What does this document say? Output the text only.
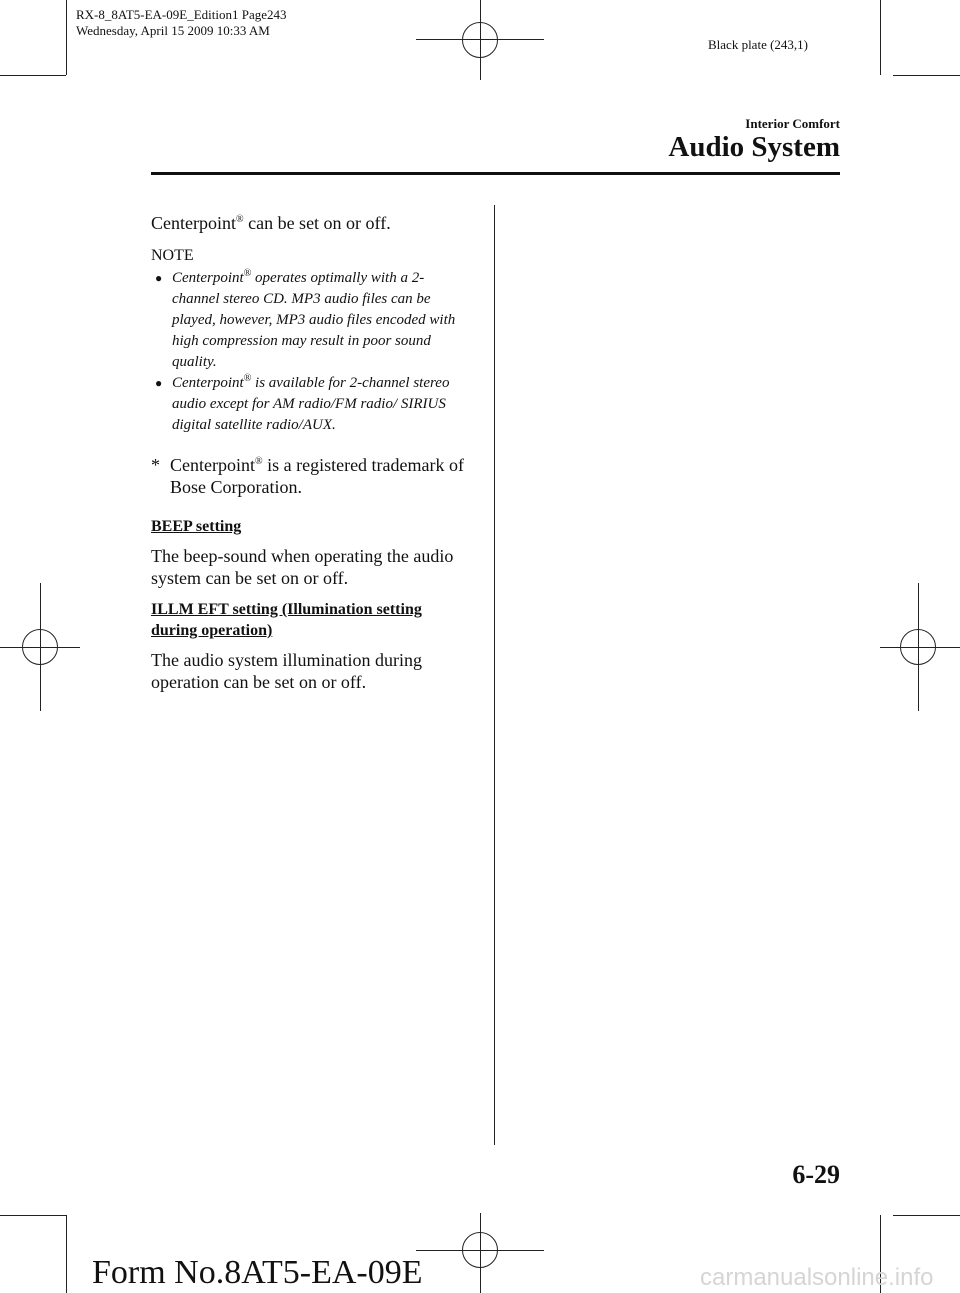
RX-8_8AT5-EA-09E_Edition1 Page243
Wednesday, April 15 2009 10:33 AM
Black plate (243,1)
Interior Comfort
Audio System

Centerpoint® can be set on or off.

NOTE
● Centerpoint® operates optimally with a 2-channel stereo CD. MP3 audio files can be played, however, MP3 audio files encoded with high compression may result in poor sound quality.
● Centerpoint® is available for 2-channel stereo audio except for AM radio/FM radio/ SIRIUS digital satellite radio/AUX.
* Centerpoint® is a registered trademark of Bose Corporation.
BEEP setting

The beep-sound when operating the audio system can be set on or off.

ILLM EFT setting (Illumination setting during operation)

The audio system illumination during operation can be set on or off.

6-29
Form No.8AT5-EA-09E	carmanualsonline.info
